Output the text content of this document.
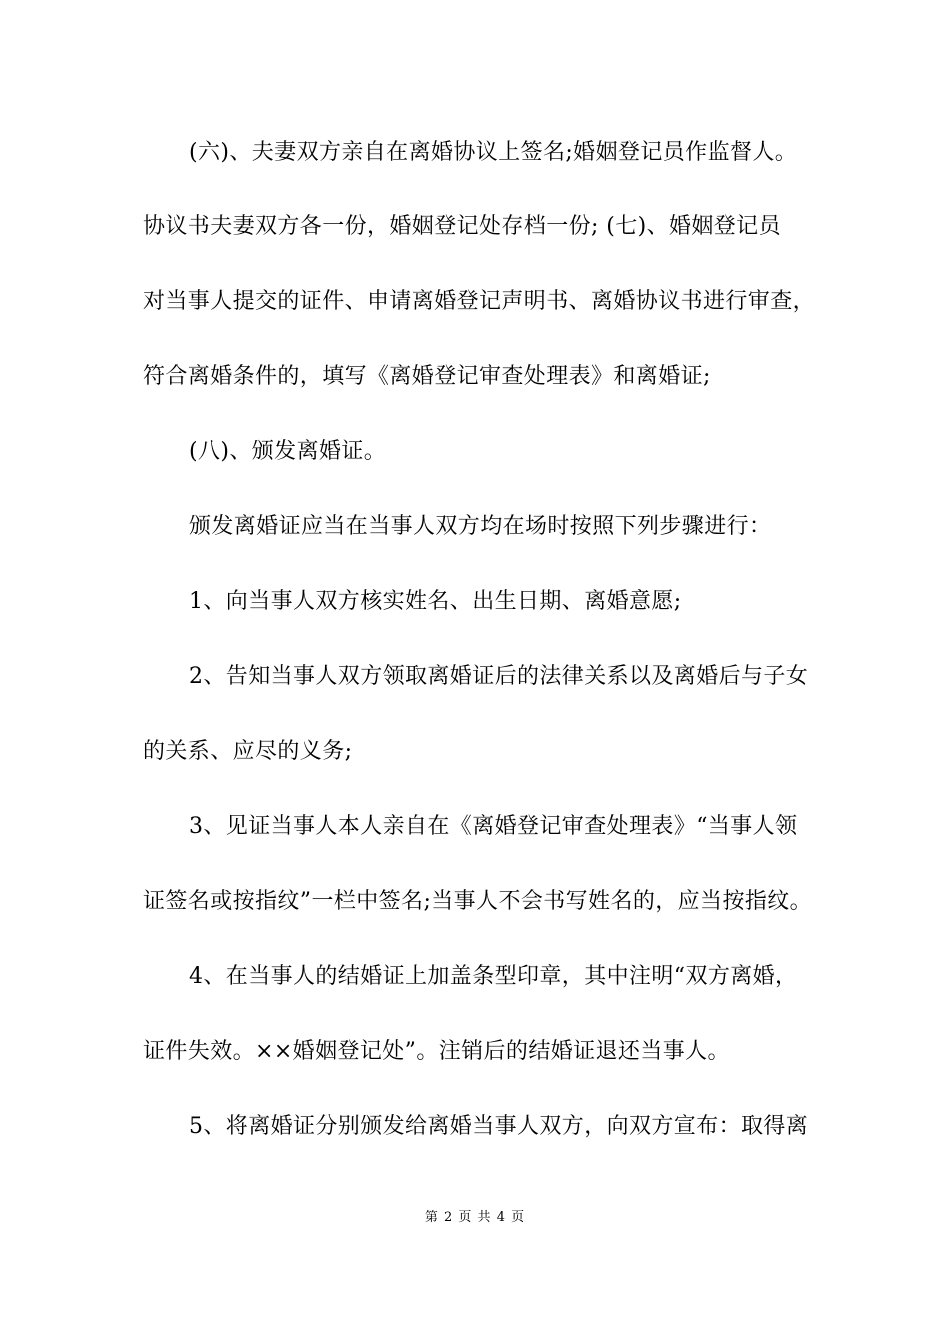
(六)、夫妻双方亲自在离婚协议上签名;婚姻登记员作监督人。
协议书夫妻双方各一份，婚姻登记处存档一份; (七)、婚姻登记员
对当事人提交的证件、申请离婚登记声明书、离婚协议书进行审查，
符合离婚条件的，填写《离婚登记审查处理表》和离婚证;
(八)、颁发离婚证。
颁发离婚证应当在当事人双方均在场时按照下列步骤进行：
1、向当事人双方核实姓名、出生日期、离婚意愿;
2、告知当事人双方领取离婚证后的法律关系以及离婚后与子女
的关系、应尽的义务;
3、见证当事人本人亲自在《离婚登记审查处理表》“当事人领
证签名或按指纹”一栏中签名;当事人不会书写姓名的，应当按指纹。
4、在当事人的结婚证上加盖条型印章，其中注明“双方离婚，
证件失效。××婚姻登记处”。注销后的结婚证退还当事人。
5、将离婚证分别颁发给离婚当事人双方，向双方宣布：取得离
第 2 页 共 4 页
